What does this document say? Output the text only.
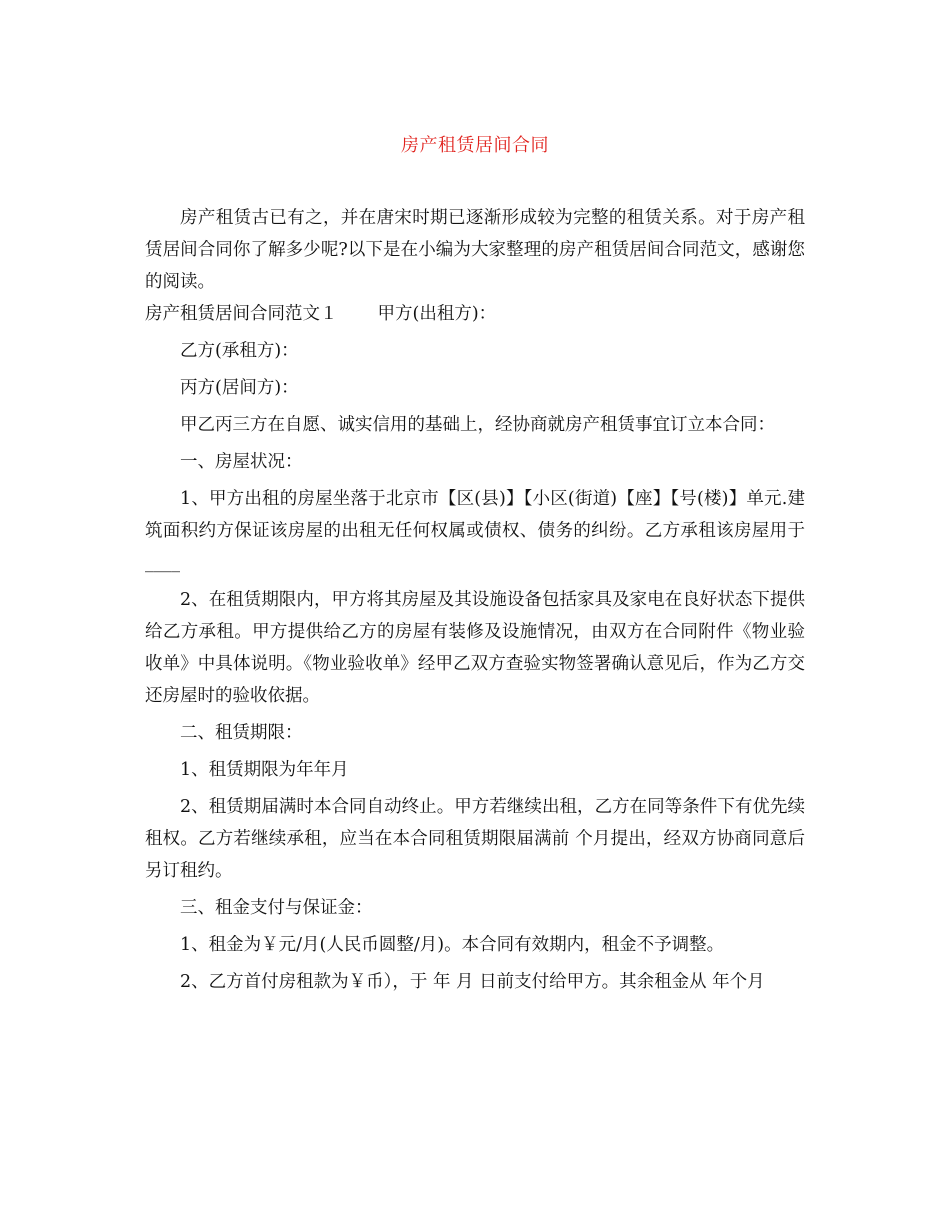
房产租赁居间合同

房产租赁古已有之，并在唐宋时期已逐渐形成较为完整的租赁关系。对于房产租赁居间合同你了解多少呢?以下是在小编为大家整理的房产租赁居间合同范文，感谢您的阅读。

房产租赁居间合同范文１ 甲方(出租方)：

乙方(承租方)：

丙方(居间方)：

甲乙丙三方在自愿、诚实信用的基础上，经协商就房产租赁事宜订立本合同：

一、房屋状况：

1、甲方出租的房屋坐落于北京市【区(县)】【小区(街道)【座】【号(楼)】单元.建筑面积约方保证该房屋的出租无任何权属或债权、债务的纠纷。乙方承租该房屋用于____

2、在租赁期限内，甲方将其房屋及其设施设备包括家具及家电在良好状态下提供给乙方承租。甲方提供给乙方的房屋有装修及设施情况，由双方在合同附件《物业验收单》中具体说明。《物业验收单》经甲乙双方查验实物签署确认意见后，作为乙方交还房屋时的验收依据。

二、租赁期限：

1、租赁期限为年年月

2、租赁期届满时本合同自动终止。甲方若继续出租，乙方在同等条件下有优先续租权。乙方若继续承租，应当在本合同租赁期限届满前 个月提出，经双方协商同意后另订租约。

三、租金支付与保证金：

1、租金为￥元/月(人民币圆整/月)。本合同有效期内，租金不予调整。

2、乙方首付房租款为￥币），于 年 月 日前支付给甲方。其余租金从 年个月
